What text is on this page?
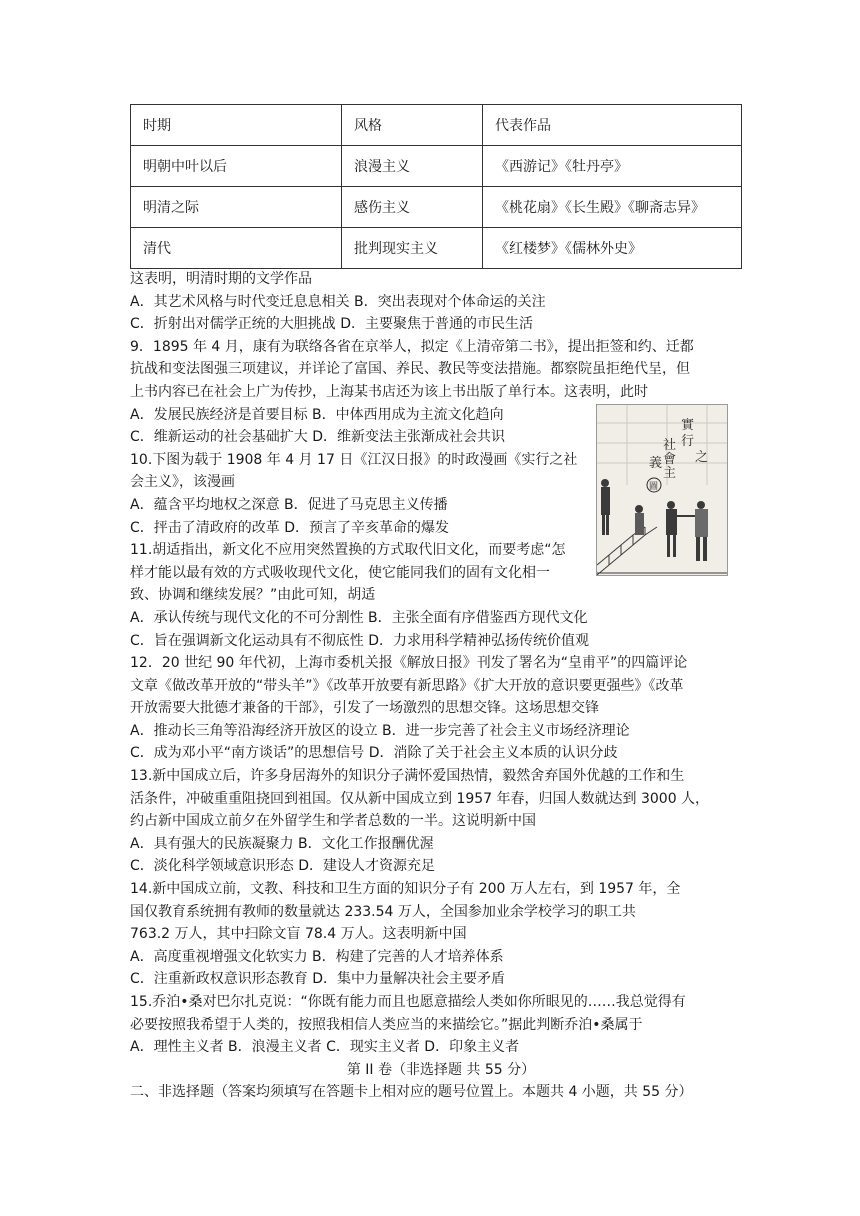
时期	风格	代表作品
明朝中叶以后	浪漫主义	《西游记》《牡丹亭》
明清之际	感伤主义	《桃花扇》《长生殿》《聊斋志异》
清代	批判现实主义	《红楼梦》《儒林外史》
这表明，明清时期的文学作品
A．其艺术风格与时代变迁息息相关 B．突出表现对个体命运的关注
C．折射出对儒学正统的大胆挑战 D．主要聚焦于普通的市民生活
9．1895 年 4 月，康有为联络各省在京举人，拟定《上清帝第二书》，提出拒签和约、迁都
抗战和变法图强三项建议，并详论了富国、养民、教民等变法措施。都察院虽拒绝代呈，但
上书内容已在社会上广为传抄，上海某书店还为该上书出版了单行本。这表明，此时
A．发展民族经济是首要目标 B．中体西用成为主流文化趋向
C．维新运动的社会基础扩大 D．维新变法主张渐成社会共识
10.下图为载于 1908 年 4 月 17 日《江汉日报》的时政漫画《实行之社
会主义》，该漫画
A．蕴含平均地权之深意 B．促进了马克思主义传播
C．抨击了清政府的改革 D．预言了辛亥革命的爆发
11.胡适指出，新文化不应用突然置换的方式取代旧文化，而要考虑“怎
样才能以最有效的方式吸收现代文化，使它能同我们的固有文化相一
致、协调和继续发展？”由此可知，胡适
A．承认传统与现代文化的不可分割性 B．主张全面有序借鉴西方现代文化
C．旨在强调新文化运动具有不彻底性 D．力求用科学精神弘扬传统价值观
12．20 世纪 90 年代初，上海市委机关报《解放日报》刊发了署名为“皇甫平”的四篇评论
文章《做改革开放的“带头羊”》《改革开放要有新思路》《扩大开放的意识要更强些》《改革
开放需要大批德才兼备的干部》，引发了一场激烈的思想交锋。这场思想交锋
A．推动长三角等沿海经济开放区的设立 B．进一步完善了社会主义市场经济理论
C．成为邓小平“南方谈话”的思想信号 D．消除了关于社会主义本质的认识分歧
13.新中国成立后，许多身居海外的知识分子满怀爱国热情，毅然舍弃国外优越的工作和生
活条件，冲破重重阻挠回到祖国。仅从新中国成立到 1957 年春，归国人数就达到 3000 人，
约占新中国成立前夕在外留学生和学者总数的一半。这说明新中国
A．具有强大的民族凝聚力 B．文化工作报酬优渥
C．淡化科学领域意识形态 D．建设人才资源充足
14.新中国成立前，文教、科技和卫生方面的知识分子有 200 万人左右，到 1957 年，全
国仅教育系统拥有教师的数量就达 233.54 万人，全国参加业余学校学习的职工共
763.2 万人，其中扫除文盲 78.4 万人。这表明新中国
A．高度重视增强文化软实力 B．构建了完善的人才培养体系
C．注重新政权意识形态教育 D．集中力量解决社会主要矛盾
15.乔泊•桑对巴尔扎克说：“你既有能力而且也愿意描绘人类如你所眼见的……我总觉得有
必要按照我希望于人类的，按照我相信人类应当的来描绘它。”据此判断乔泊•桑属于
A．理性主义者 B．浪漫主义者 C．现实主义者 D．印象主义者
第 II 卷（非选择题 共 55 分）
二、非选择题（答案均须填写在答题卡上相对应的题号位置上。本题共 4 小题，共 55 分）
義
社
會
主
實
行
之
圖
